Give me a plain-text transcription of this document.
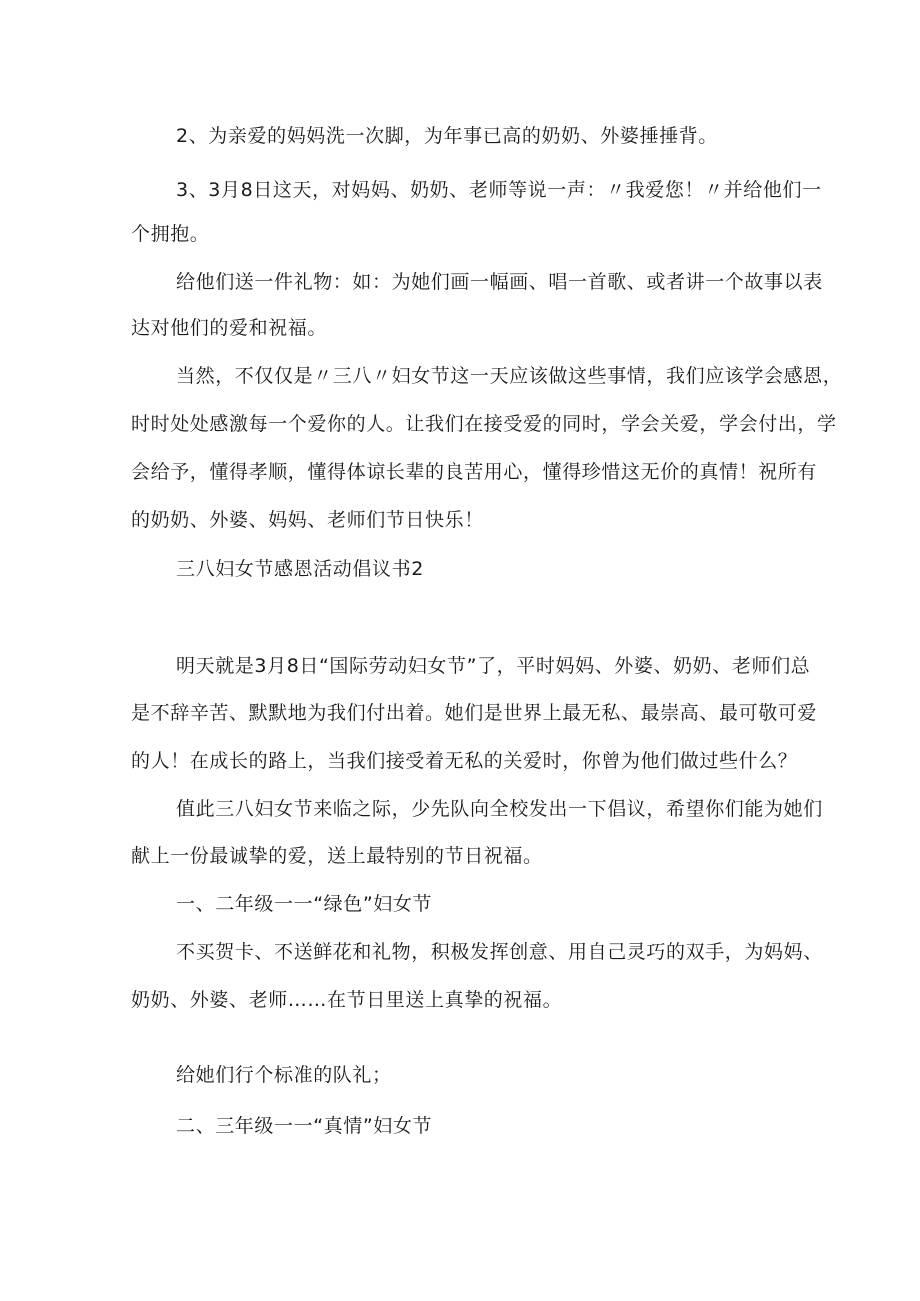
2、为亲爱的妈妈洗一次脚，为年事已高的奶奶、外婆捶捶背。
3、3月8日这天，对妈妈、奶奶、老师等说一声：〃我爱您！〃并给他们一
个拥抱。
给他们送一件礼物：如：为她们画一幅画、唱一首歌、或者讲一个故事以表
达对他们的爱和祝福。
当然，不仅仅是〃三八〃妇女节这一天应该做这些事情，我们应该学会感恩，
时时处处感激每一个爱你的人。让我们在接受爱的同时，学会关爱，学会付出，学
会给予，懂得孝顺，懂得体谅长辈的良苦用心，懂得珍惜这无价的真情！祝所有
的奶奶、外婆、妈妈、老师们节日快乐！
三八妇女节感恩活动倡议书2
明天就是3月8日“国际劳动妇女节”了，平时妈妈、外婆、奶奶、老师们总
是不辞辛苦、默默地为我们付出着。她们是世界上最无私、最崇高、最可敬可爱
的人！在成长的路上，当我们接受着无私的关爱时，你曾为他们做过些什么？
值此三八妇女节来临之际，少先队向全校发出一下倡议，希望你们能为她们
献上一份最诚挚的爱，送上最特别的节日祝福。
一、二年级一一“绿色”妇女节
不买贺卡、不送鲜花和礼物，积极发挥创意、用自己灵巧的双手，为妈妈、
奶奶、外婆、老师……在节日里送上真挚的祝福。
给她们行个标准的队礼；
二、三年级一一“真情”妇女节
